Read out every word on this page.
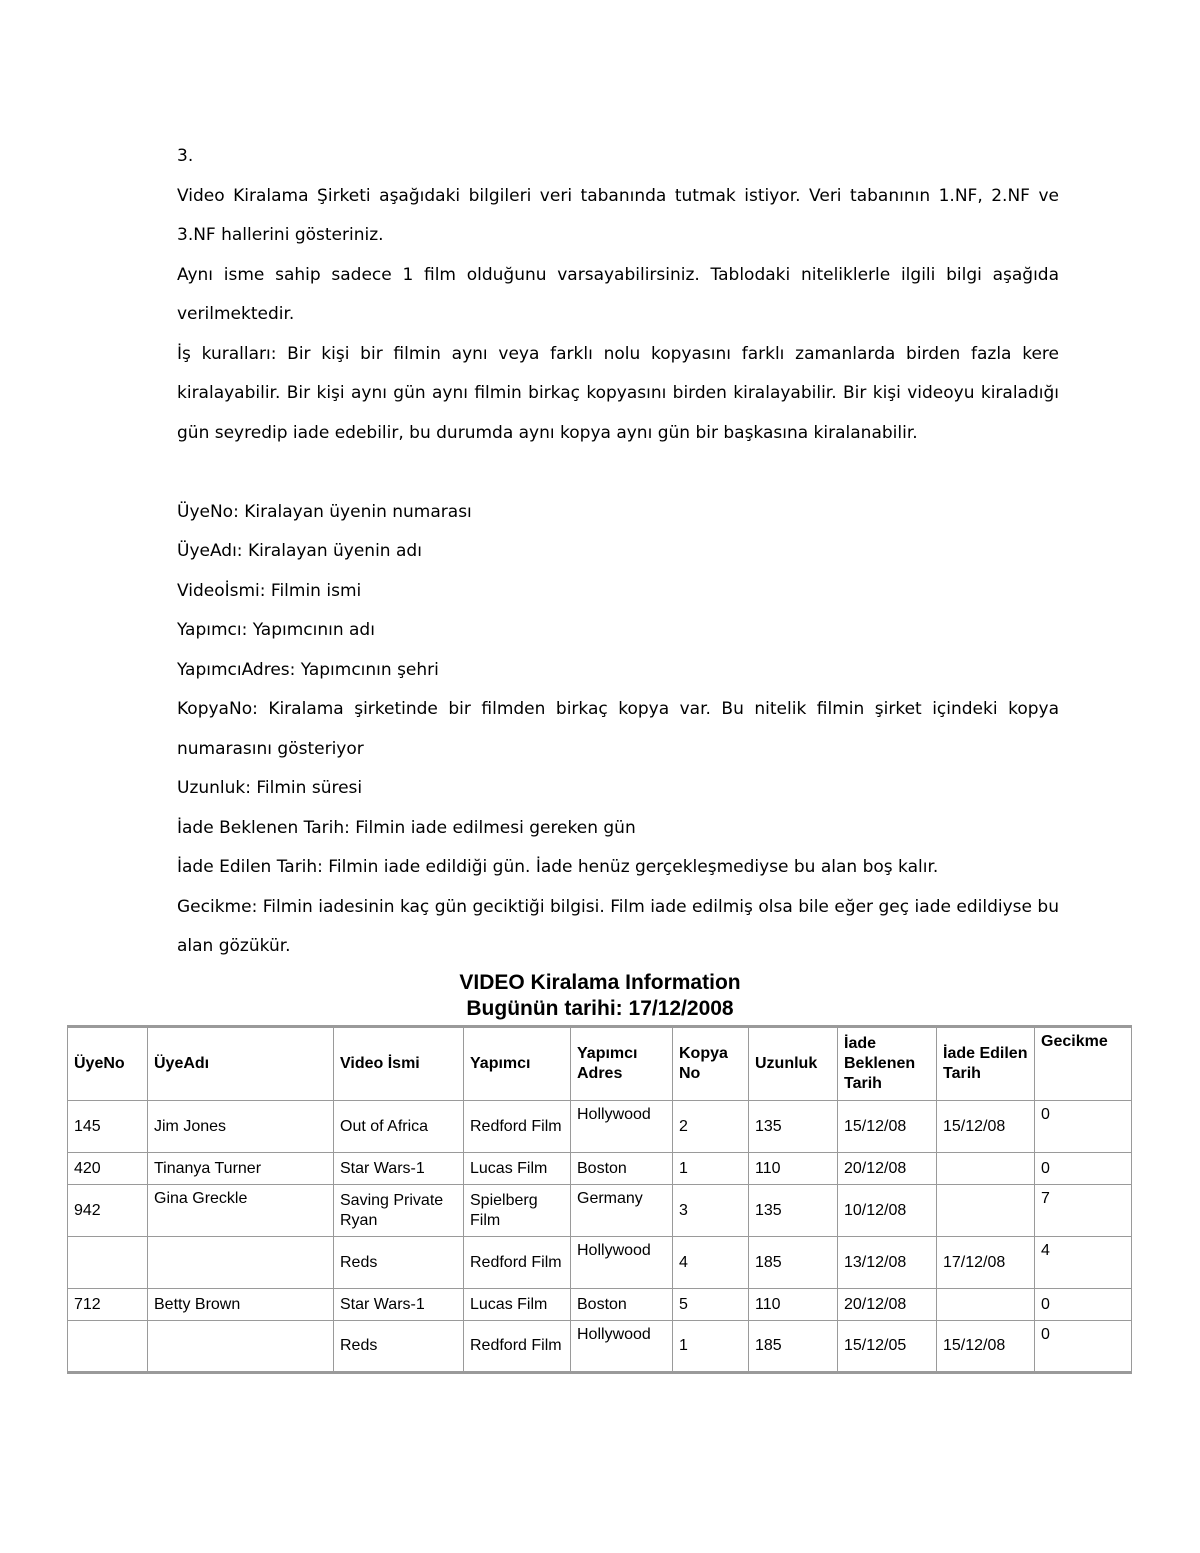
3.

Video Kiralama Şirketi aşağıdaki bilgileri veri tabanında tutmak istiyor. Veri tabanının 1.NF, 2.NF ve 3.NF hallerini gösteriniz.

Aynı isme sahip sadece 1 film olduğunu varsayabilirsiniz. Tablodaki niteliklerle ilgili bilgi aşağıda verilmektedir.

İş kuralları: Bir kişi bir filmin aynı veya farklı nolu kopyasını farklı zamanlarda birden fazla kere kiralayabilir. Bir kişi aynı gün aynı filmin birkaç kopyasını birden kiralayabilir. Bir kişi videoyu kiraladığı gün seyredip iade edebilir, bu durumda aynı kopya aynı gün bir başkasına kiralanabilir.

ÜyeNo: Kiralayan üyenin numarası

ÜyeAdı: Kiralayan üyenin adı

Videoİsmi: Filmin ismi

Yapımcı: Yapımcının adı

YapımcıAdres: Yapımcının şehri

KopyaNo: Kiralama şirketinde bir filmden birkaç kopya var. Bu nitelik filmin şirket içindeki kopya numarasını gösteriyor

Uzunluk: Filmin süresi

İade Beklenen Tarih: Filmin iade edilmesi gereken gün

İade Edilen Tarih: Filmin iade edildiği gün. İade henüz gerçekleşmediyse bu alan boş kalır.

Gecikme: Filmin iadesinin kaç gün geciktiği bilgisi. Film iade edilmiş olsa bile eğer geç iade edildiyse bu alan gözükür.

VIDEO Kiralama Information
Bugünün tarihi: 17/12/2008
ÜyeNo	ÜyeAdı	Video İsmi	Yapımcı	Yapımcı Adres	Kopya No	Uzunluk	İade Beklenen Tarih	İade Edilen Tarih	Gecikme
145	Jim Jones	Out of Africa	Redford Film	Hollywood	2	135	15/12/08	15/12/08	0
420	Tinanya Turner	Star Wars-1	Lucas Film	Boston	1	110	20/12/08		0
942	Gina Greckle	Saving Private Ryan	Spielberg Film	Germany	3	135	10/12/08		7
		Reds	Redford Film	Hollywood	4	185	13/12/08	17/12/08	4
712	Betty Brown	Star Wars-1	Lucas Film	Boston	5	110	20/12/08		0
		Reds	Redford Film	Hollywood	1	185	15/12/05	15/12/08	0
